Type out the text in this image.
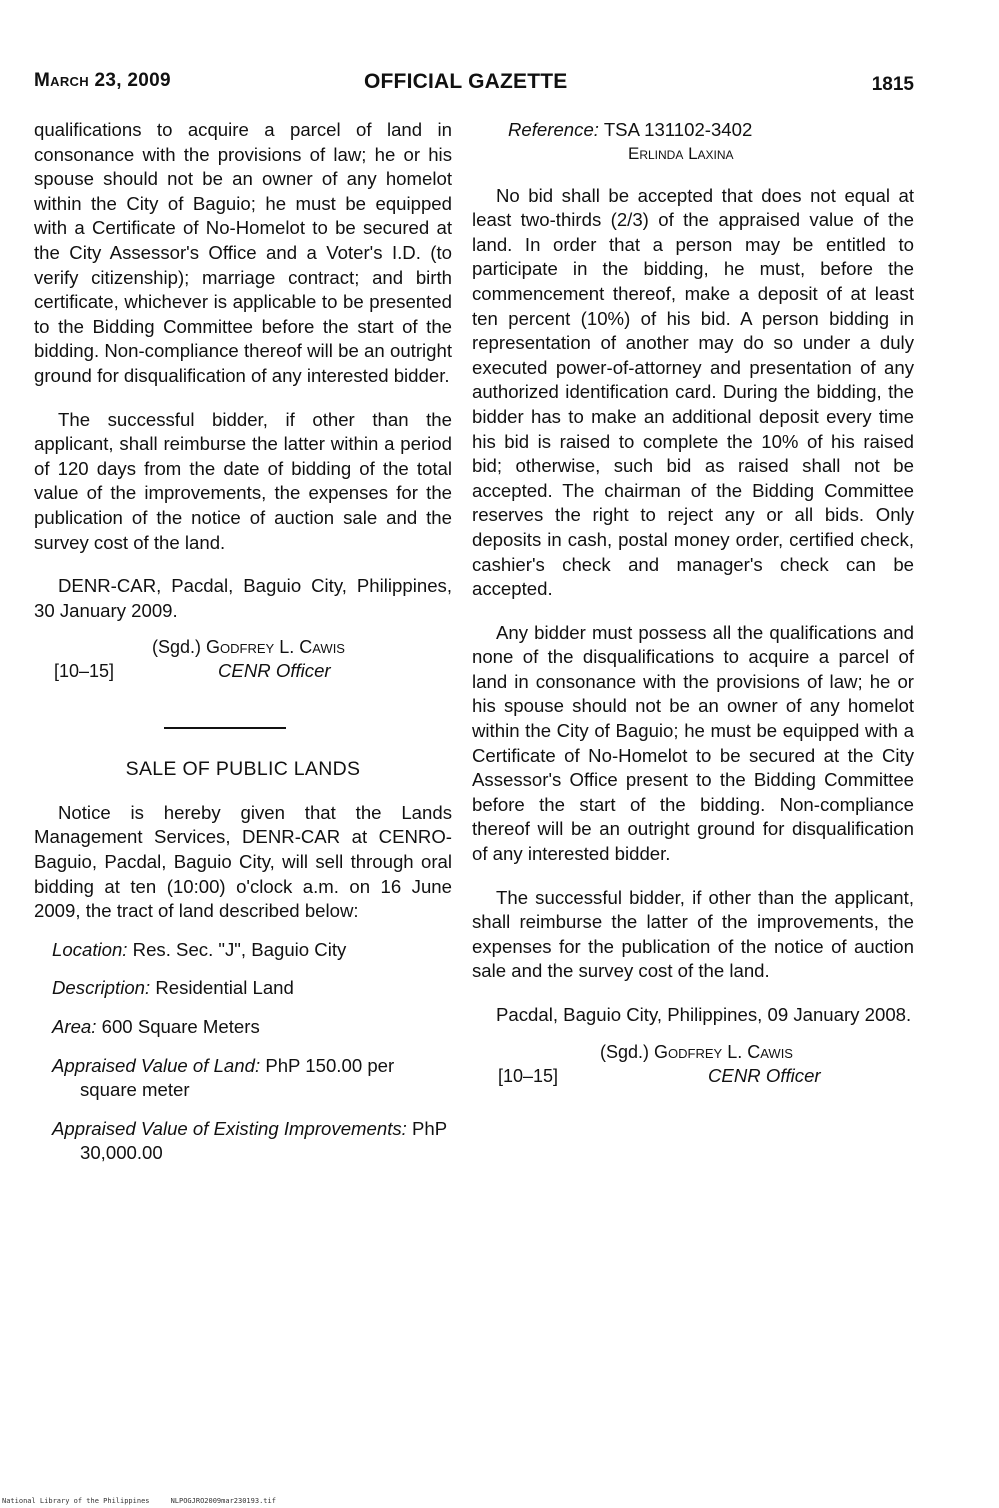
March 23, 2009	OFFICIAL GAZETTE	1815

qualifications to acquire a parcel of land in consonance with the provisions of law; he or his spouse should not be an owner of any homelot within the City of Baguio; he must be equipped with a Certificate of No-Homelot to be secured at the City Assessor's Office and a Voter's I.D. (to verify citizenship); marriage contract; and birth certificate, whichever is applicable to be presented to the Bidding Committee before the start of the bidding. Non-compliance thereof will be an outright ground for disqualification of any interested bidder.

The successful bidder, if other than the applicant, shall reimburse the latter within a period of 120 days from the date of bidding of the total value of the improvements, the expenses for the publication of the notice of auction sale and the survey cost of the land.

DENR-CAR, Pacdal, Baguio City, Philippines, 30 January 2009.

(Sgd.) Godfrey L. Cawis
[10–15]	CENR Officer
SALE OF PUBLIC LANDS

Notice is hereby given that the Lands Management Services, DENR-CAR at CENRO-Baguio, Pacdal, Baguio City, will sell through oral bidding at ten (10:00) o'clock a.m. on 16 June 2009, the tract of land described below:

Location: Res. Sec. "J", Baguio City

Description: Residential Land

Area: 600 Square Meters

Appraised Value of Land: PhP 150.00 per square meter

Appraised Value of Existing Improvements: PhP 30,000.00

Reference: TSA 131102-3402
Erlinda Laxina

No bid shall be accepted that does not equal at least two-thirds (2/3) of the appraised value of the land. In order that a person may be entitled to participate in the bidding, he must, before the commencement thereof, make a deposit of at least ten percent (10%) of his bid. A person bidding in representation of another may do so under a duly executed power-of-attorney and presentation of any authorized identification card. During the bidding, the bidder has to make an additional deposit every time his bid is raised to complete the 10% of his raised bid; otherwise, such bid as raised shall not be accepted. The chairman of the Bidding Committee reserves the right to reject any or all bids. Only deposits in cash, postal money order, certified check, cashier's check and manager's check can be accepted.

Any bidder must possess all the qualifications and none of the disqualifications to acquire a parcel of land in consonance with the provisions of law; he or his spouse should not be an owner of any homelot within the City of Baguio; he must be equipped with a Certificate of No-Homelot to be secured at the City Assessor's Office present to the Bidding Committee before the start of the bidding. Non-compliance thereof will be an outright ground for disqualification of any interested bidder.

The successful bidder, if other than the applicant, shall reimburse the latter of the improvements, the expenses for the publication of the notice of auction sale and the survey cost of the land.

Pacdal, Baguio City, Philippines, 09 January 2008.

(Sgd.) Godfrey L. Cawis
[10–15]	CENR Officer
National Library of the Philippines     NLPOGJRO2009mar230193.tif
